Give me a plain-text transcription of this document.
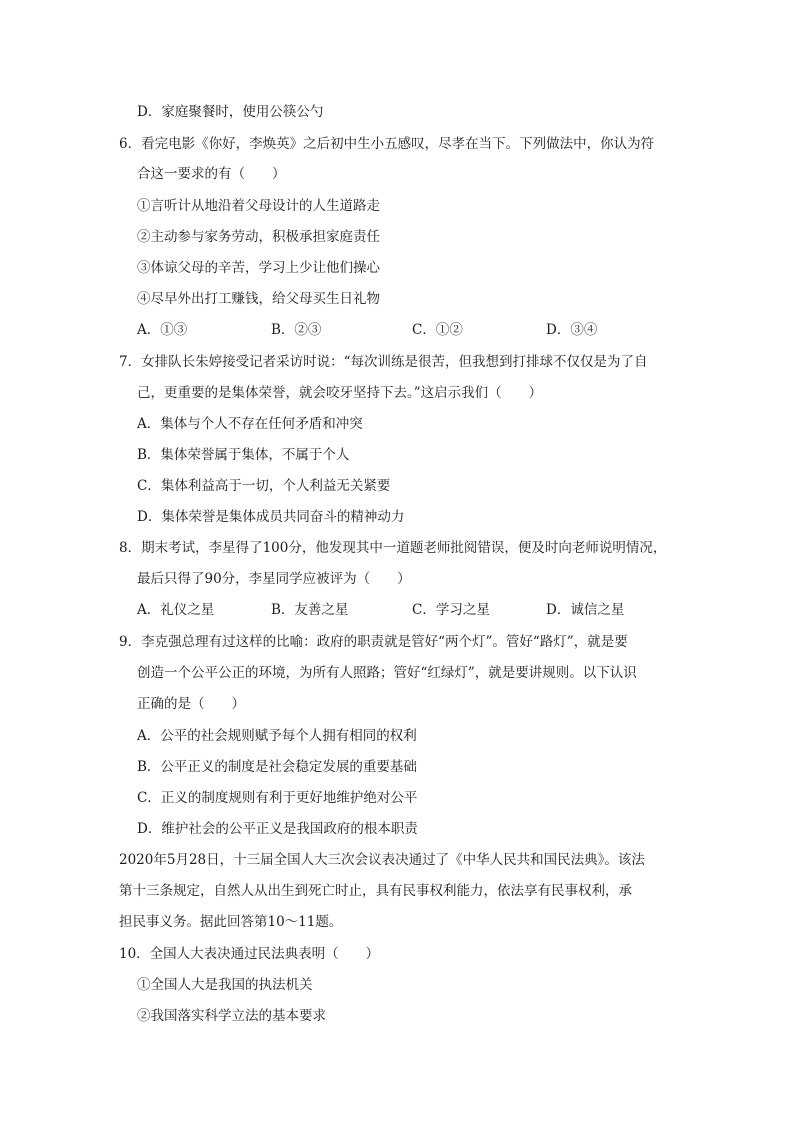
D．家庭聚餐时，使用公筷公勺
6．看完电影《你好，李焕英》之后初中生小五感叹，尽孝在当下。下列做法中，你认为符
合这一要求的有（　　）
①言听计从地沿着父母设计的人生道路走
②主动参与家务劳动，积极承担家庭责任
③体谅父母的辛苦，学习上少让他们操心
④尽早外出打工赚钱，给父母买生日礼物
A．①③	B．②③	C．①②	D．③④
7．女排队长朱婷接受记者采访时说：“每次训练是很苦，但我想到打排球不仅仅是为了自
己，更重要的是集体荣誉，就会咬牙坚持下去。”这启示我们（　　）
A．集体与个人不存在任何矛盾和冲突
B．集体荣誉属于集体，不属于个人
C．集体利益高于一切，个人利益无关紧要
D．集体荣誉是集体成员共同奋斗的精神动力
8．期末考试，李星得了100分，他发现其中一道题老师批阅错误，便及时向老师说明情况，
最后只得了90分，李星同学应被评为（　　）
A．礼仪之星	B．友善之星	C．学习之星	D．诚信之星
9．李克强总理有过这样的比喻：政府的职责就是管好“两个灯”。管好“路灯”，就是要
创造一个公平公正的环境，为所有人照路；管好“红绿灯”，就是要讲规则。以下认识
正确的是（　　）
A．公平的社会规则赋予每个人拥有相同的权利
B．公平正义的制度是社会稳定发展的重要基础
C．正义的制度规则有利于更好地维护绝对公平
D．维护社会的公平正义是我国政府的根本职责
2020年5月28日，十三届全国人大三次会议表决通过了《中华人民共和国民法典》。该法
第十三条规定，自然人从出生到死亡时止，具有民事权利能力，依法享有民事权利，承
担民事义务。据此回答第10～11题。
10．全国人大表决通过民法典表明（　　）
①全国人大是我国的执法机关
②我国落实科学立法的基本要求
